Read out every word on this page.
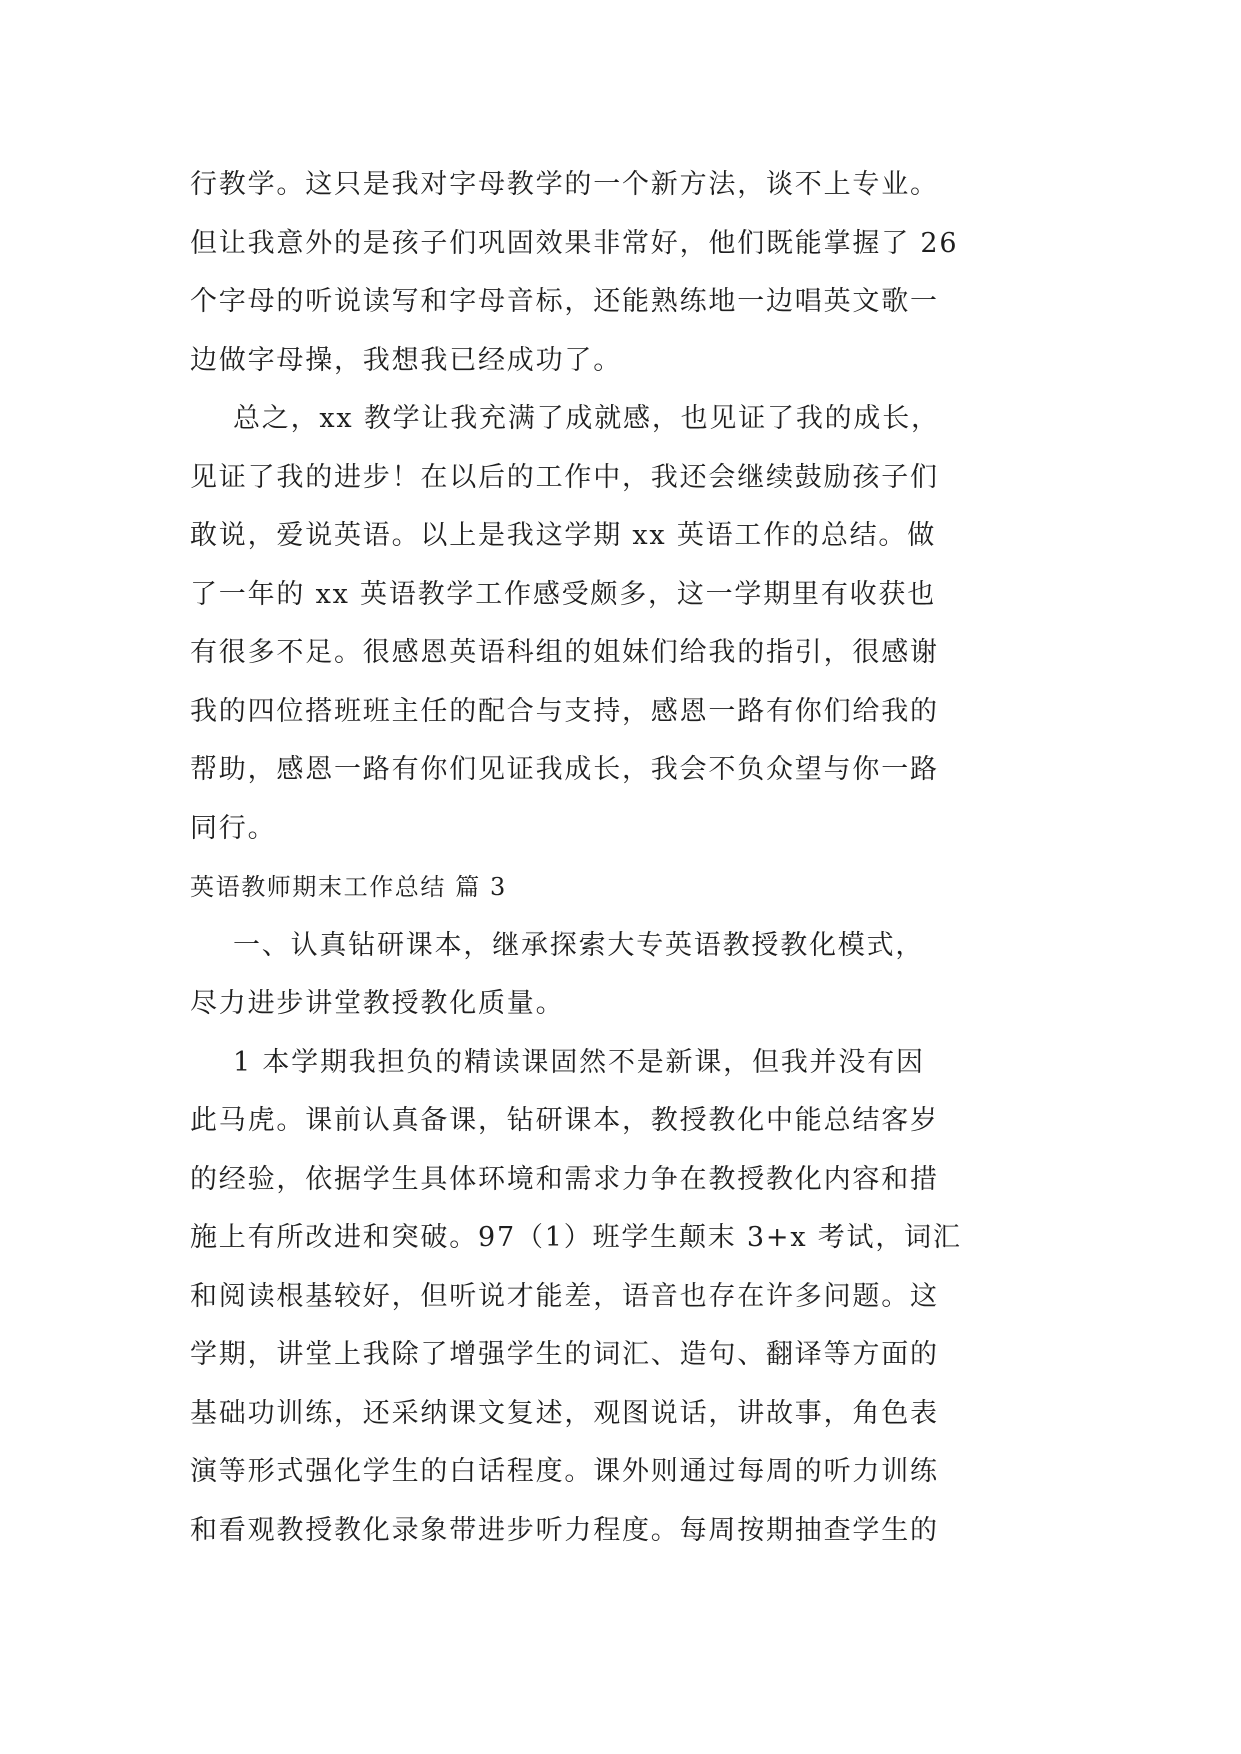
行教学。这只是我对字母教学的一个新方法，谈不上专业。
但让我意外的是孩子们巩固效果非常好，他们既能掌握了 26
个字母的听说读写和字母音标，还能熟练地一边唱英文歌一
边做字母操，我想我已经成功了。
总之，xx 教学让我充满了成就感，也见证了我的成长，
见证了我的进步！在以后的工作中，我还会继续鼓励孩子们
敢说，爱说英语。以上是我这学期 xx 英语工作的总结。做
了一年的 xx 英语教学工作感受颇多，这一学期里有收获也
有很多不足。很感恩英语科组的姐妹们给我的指引，很感谢
我的四位搭班班主任的配合与支持，感恩一路有你们给我的
帮助，感恩一路有你们见证我成长，我会不负众望与你一路
同行。
英语教师期末工作总结 篇 3
一、认真钻研课本，继承探索大专英语教授教化模式，
尽力进步讲堂教授教化质量。
1 本学期我担负的精读课固然不是新课，但我并没有因
此马虎。课前认真备课，钻研课本，教授教化中能总结客岁
的经验，依据学生具体环境和需求力争在教授教化内容和措
施上有所改进和突破。97（1）班学生颠末 3+x 考试，词汇
和阅读根基较好，但听说才能差，语音也存在许多问题。这
学期，讲堂上我除了增强学生的词汇、造句、翻译等方面的
基础功训练，还采纳课文复述，观图说话，讲故事，角色表
演等形式强化学生的白话程度。课外则通过每周的听力训练
和看观教授教化录象带进步听力程度。每周按期抽查学生的
